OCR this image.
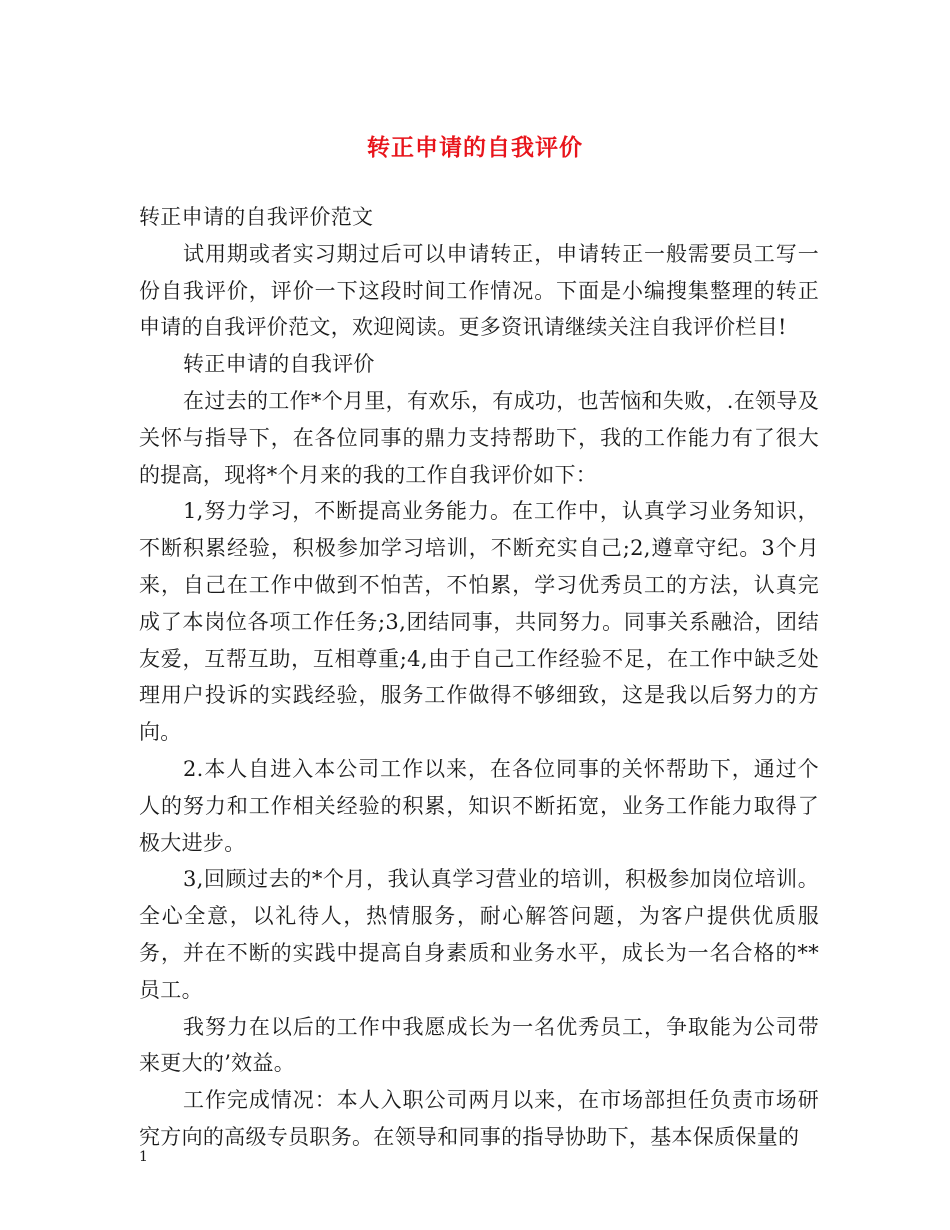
转正申请的自我评价

转正申请的自我评价范文

试用期或者实习期过后可以申请转正，申请转正一般需要员工写一份自我评价，评价一下这段时间工作情况。下面是小编搜集整理的转正申请的自我评价范文，欢迎阅读。更多资讯请继续关注自我评价栏目!

转正申请的自我评价

在过去的工作*个月里，有欢乐，有成功，也苦恼和失败，.在领导及关怀与指导下，在各位同事的鼎力支持帮助下，我的工作能力有了很大的提高，现将*个月来的我的工作自我评价如下：

1,努力学习，不断提高业务能力。在工作中，认真学习业务知识，不断积累经验，积极参加学习培训，不断充实自己;2,遵章守纪。3个月来，自己在工作中做到不怕苦，不怕累，学习优秀员工的方法，认真完成了本岗位各项工作任务;3,团结同事，共同努力。同事关系融洽，团结友爱，互帮互助，互相尊重;4,由于自己工作经验不足，在工作中缺乏处理用户投诉的实践经验，服务工作做得不够细致，这是我以后努力的方向。

2.本人自进入本公司工作以来，在各位同事的关怀帮助下，通过个人的努力和工作相关经验的积累，知识不断拓宽，业务工作能力取得了极大进步。

3,回顾过去的*个月，我认真学习营业的培训，积极参加岗位培训。全心全意，以礼待人，热情服务，耐心解答问题，为客户提供优质服务，并在不断的实践中提高自身素质和业务水平，成长为一名合格的**员工。

我努力在以后的工作中我愿成长为一名优秀员工，争取能为公司带来更大的’效益。

工作完成情况：本人入职公司两月以来，在市场部担任负责市场研究方向的高级专员职务。在领导和同事的指导协助下，基本保质保量的

1
